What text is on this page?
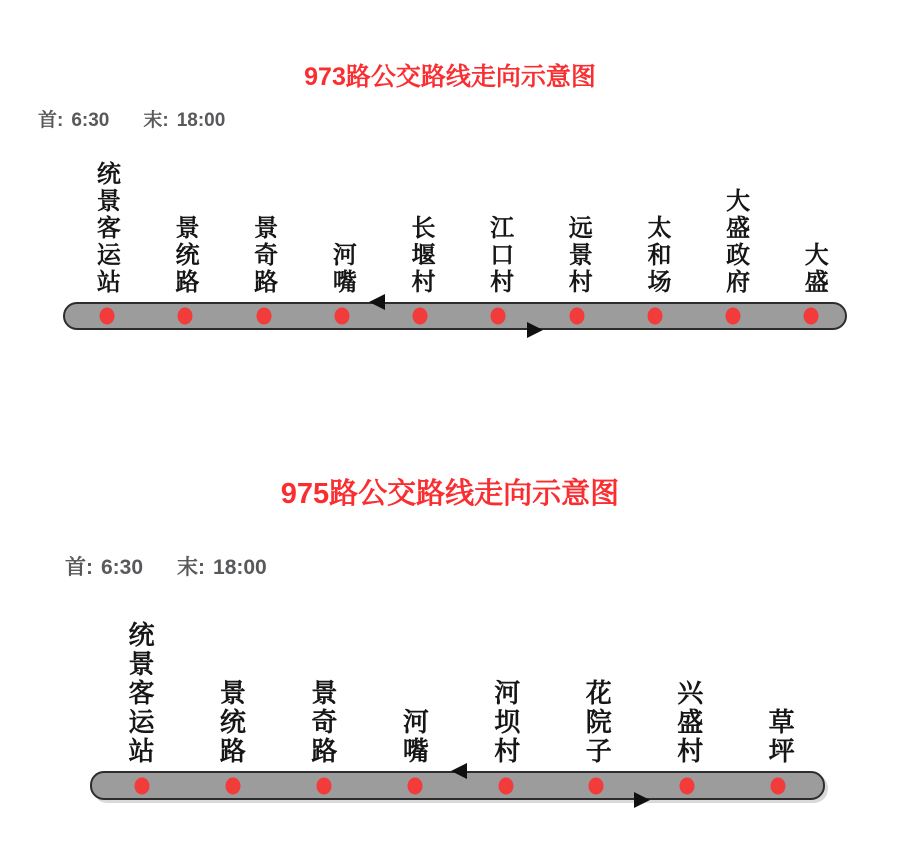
973路公交路线走向示意图
首: 6:30 末: 18:00
统景客运站 景统路 景奇路 河嘴 长堰村 江口村 远景村 太和场 大盛政府 大盛
975路公交路线走向示意图
首: 6:30 末: 18:00
统景客运站 景统路 景奇路 河嘴 河坝村 花院子 兴盛村 草坪
